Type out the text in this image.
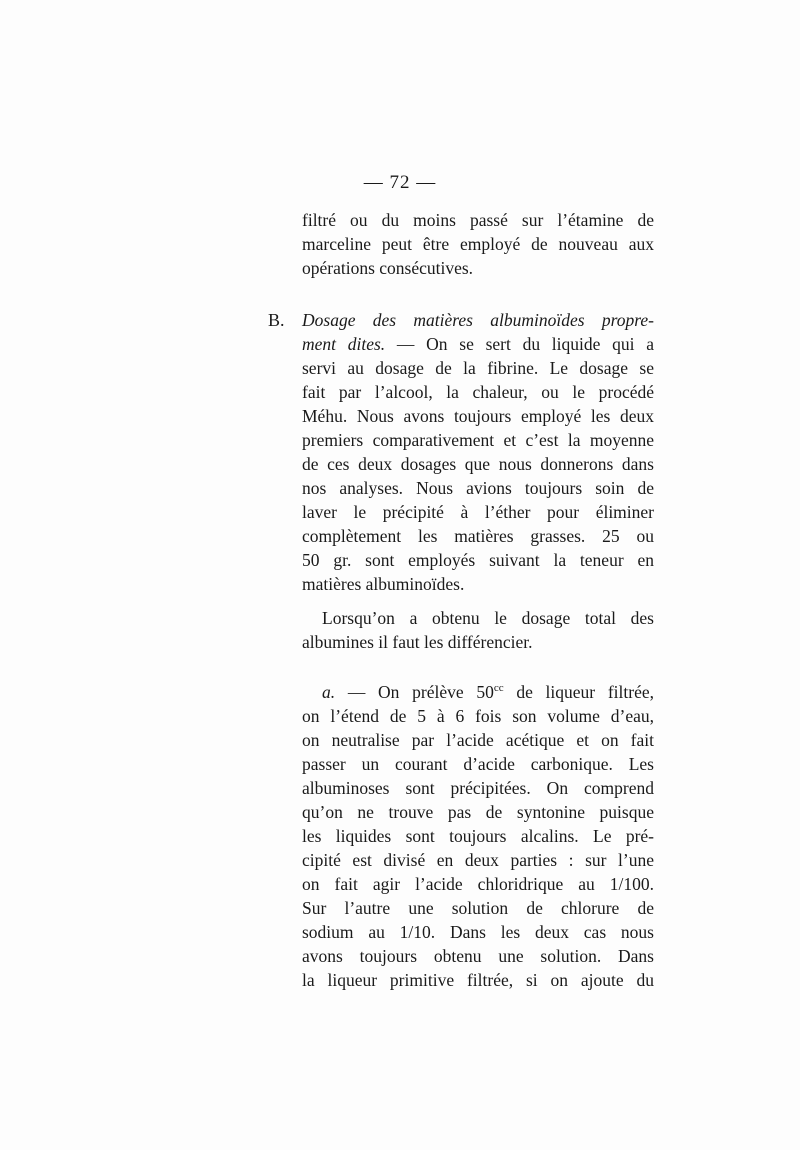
— 72 —
filtré ou du moins passé sur l’étamine de
marceline peut être employé de nouveau aux
opérations consécutives.
B. Dosage des matières albuminoïdes propre-
ment dites. — On se sert du liquide qui a
servi au dosage de la fibrine. Le dosage se
fait par l’alcool, la chaleur, ou le procédé
Méhu. Nous avons toujours employé les deux
premiers comparativement et c’est la moyenne
de ces deux dosages que nous donnerons dans
nos analyses. Nous avions toujours soin de
laver le précipité à l’éther pour éliminer
complètement les matières grasses. 25 ou
50 gr. sont employés suivant la teneur en
matières albuminoïdes.
Lorsqu’on a obtenu le dosage total des
albumines il faut les différencier.
a. — On prélève $50^{cc}$ de liqueur filtrée,
on l’étend de 5 à 6 fois son volume d’eau,
on neutralise par l’acide acétique et on fait
passer un courant d’acide carbonique. Les
albuminoses sont précipitées. On comprend
qu’on ne trouve pas de syntonine puisque
les liquides sont toujours alcalins. Le pré-
cipité est divisé en deux parties : sur l’une
on fait agir l’acide chloridrique au 1/100.
Sur l’autre une solution de chlorure de
sodium au 1/10. Dans les deux cas nous
avons toujours obtenu une solution. Dans
la liqueur primitive filtrée, si on ajoute du
